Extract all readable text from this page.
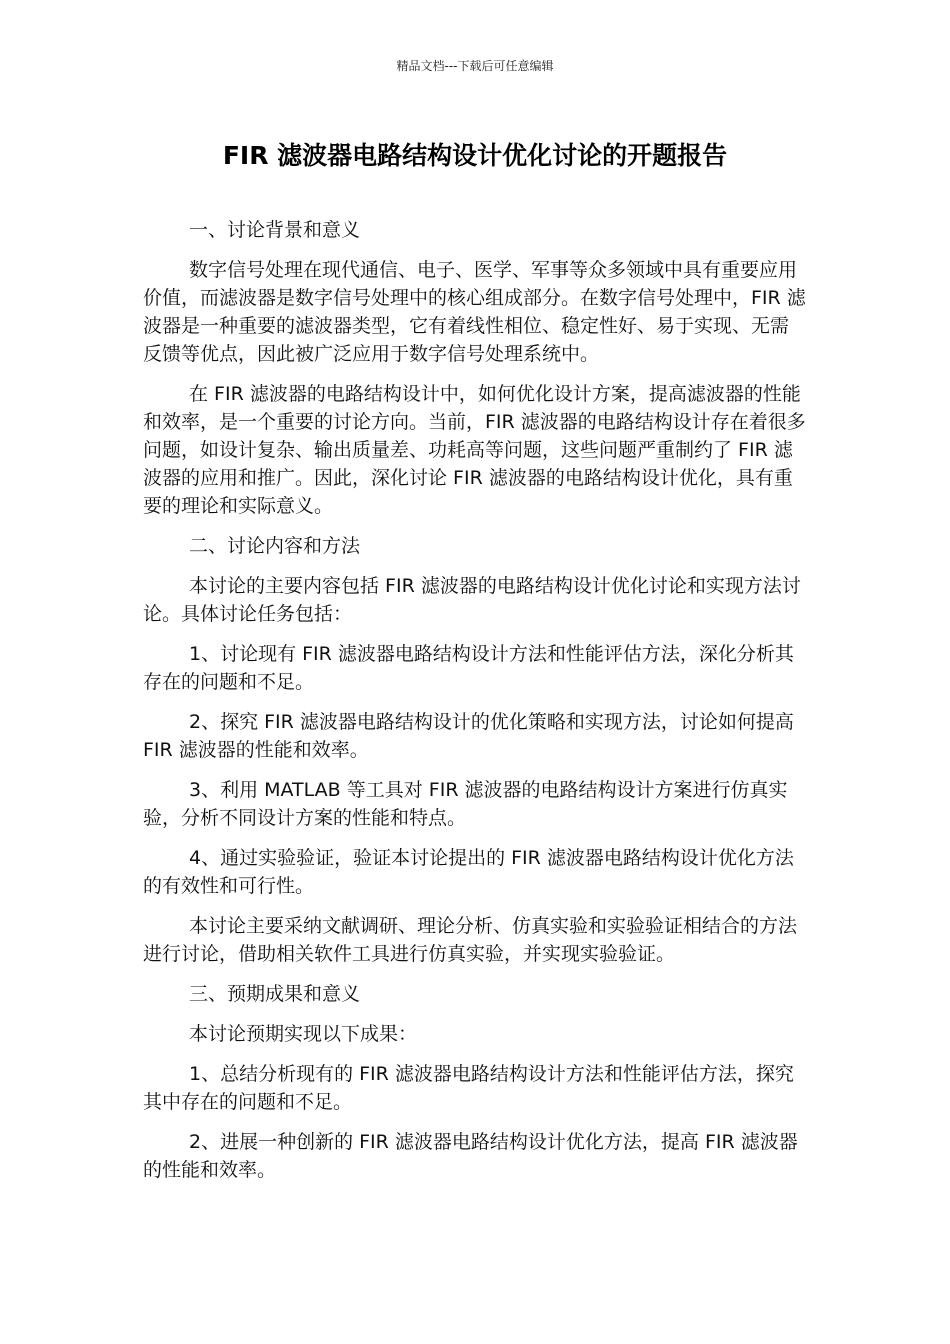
精品文档---下载后可任意编辑
FIR 滤波器电路结构设计优化讨论的开题报告

一、讨论背景和意义

数字信号处理在现代通信、电子、医学、军事等众多领域中具有重要应用价值，而滤波器是数字信号处理中的核心组成部分。在数字信号处理中，FIR 滤波器是一种重要的滤波器类型，它有着线性相位、稳定性好、易于实现、无需反馈等优点，因此被广泛应用于数字信号处理系统中。

在 FIR 滤波器的电路结构设计中，如何优化设计方案，提高滤波器的性能和效率，是一个重要的讨论方向。当前，FIR 滤波器的电路结构设计存在着很多问题，如设计复杂、输出质量差、功耗高等问题，这些问题严重制约了 FIR 滤波器的应用和推广。因此，深化讨论 FIR 滤波器的电路结构设计优化，具有重要的理论和实际意义。

二、讨论内容和方法

本讨论的主要内容包括 FIR 滤波器的电路结构设计优化讨论和实现方法讨论。具体讨论任务包括：

1、讨论现有 FIR 滤波器电路结构设计方法和性能评估方法，深化分析其存在的问题和不足。

2、探究 FIR 滤波器电路结构设计的优化策略和实现方法，讨论如何提高 FIR 滤波器的性能和效率。

3、利用 MATLAB 等工具对 FIR 滤波器的电路结构设计方案进行仿真实验，分析不同设计方案的性能和特点。

4、通过实验验证，验证本讨论提出的 FIR 滤波器电路结构设计优化方法的有效性和可行性。

本讨论主要采纳文献调研、理论分析、仿真实验和实验验证相结合的方法进行讨论，借助相关软件工具进行仿真实验，并实现实验验证。

三、预期成果和意义

本讨论预期实现以下成果：

1、总结分析现有的 FIR 滤波器电路结构设计方法和性能评估方法，探究其中存在的问题和不足。

2、进展一种创新的 FIR 滤波器电路结构设计优化方法，提高 FIR 滤波器的性能和效率。
